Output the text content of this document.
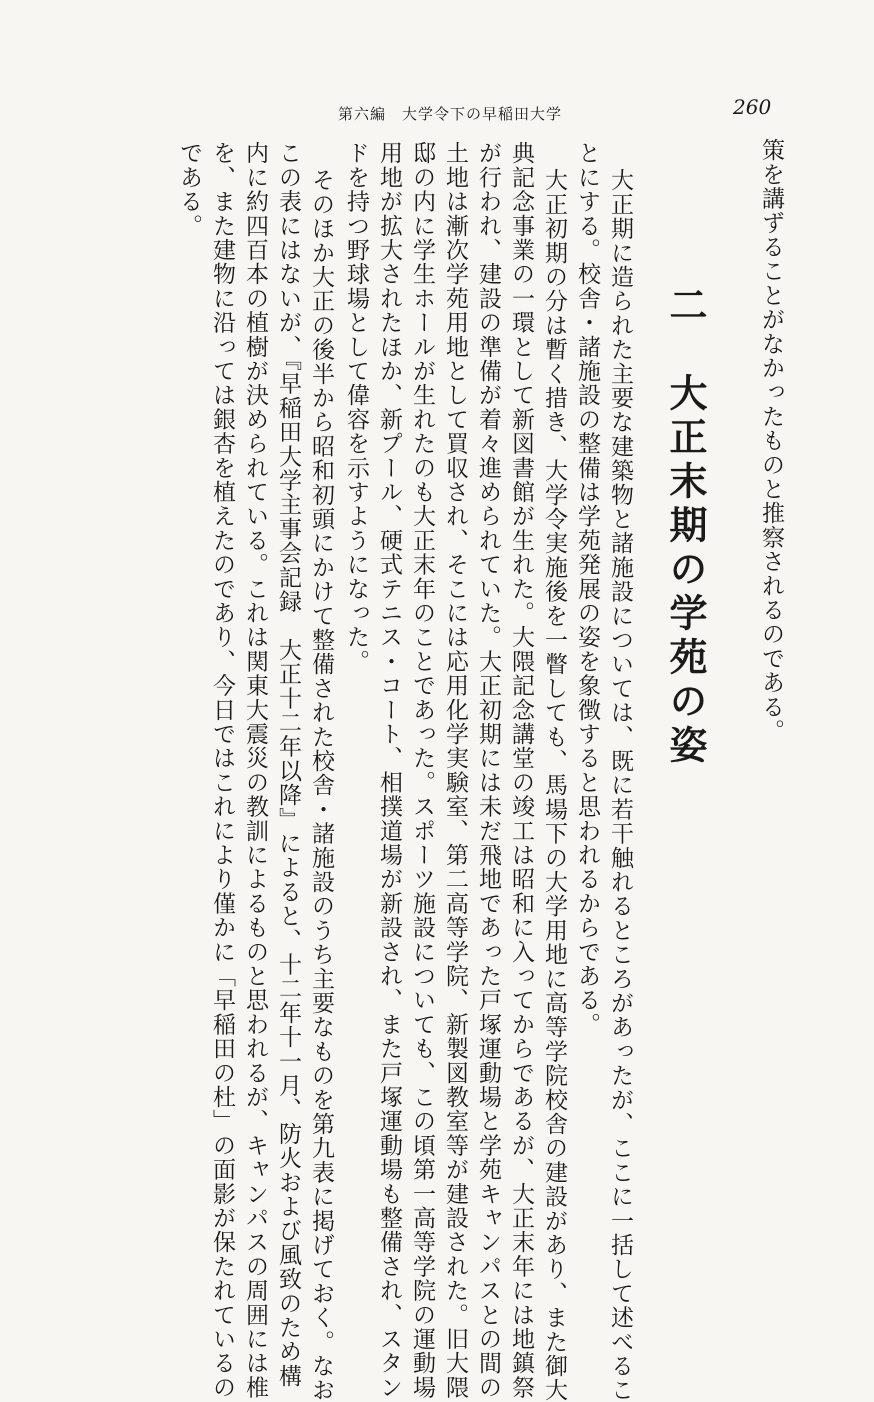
第六編　大学令下の早稲田大学	260
策を講ずることがなかったものと推察されるのである。
二　大正末期の学苑の姿
大正期に造られた主要な建築物と諸施設については、既に若干触れるところがあったが、ここに一括して述べるこ
とにする。校舎・諸施設の整備は学苑発展の姿を象徴すると思われるからである。
大正初期の分は暫く措き、大学令実施後を一瞥しても、馬場下の大学用地に高等学院校舎の建設があり、また御大
典記念事業の一環として新図書館が生れた。大隈記念講堂の竣工は昭和に入ってからであるが、大正末年には地鎮祭
が行われ、建設の準備が着々進められていた。大正初期には未だ飛地であった戸塚運動場と学苑キャンパスとの間の
土地は漸次学苑用地として買収され、そこには応用化学実験室、第二高等学院、新製図教室等が建設された。旧大隈
邸の内に学生ホールが生れたのも大正末年のことであった。スポーツ施設についても、この頃第一高等学院の運動場
用地が拡大されたほか、新プール、硬式テニス・コート、相撲道場が新設され、また戸塚運動場も整備され、スタン
ドを持つ野球場として偉容を示すようになった。
そのほか大正の後半から昭和初頭にかけて整備された校舎・諸施設のうち主要なものを第九表に掲げておく。なお
この表にはないが、『早稲田大学主事会記録　大正十二年以降』によると、十二年十一月、防火および風致のため構
内に約四百本の植樹が決められている。これは関東大震災の教訓によるものと思われるが、キャンパスの周囲には椎
を、また建物に沿っては銀杏を植えたのであり、今日ではこれにより僅かに「早稲田の杜」の面影が保たれているの
である。
